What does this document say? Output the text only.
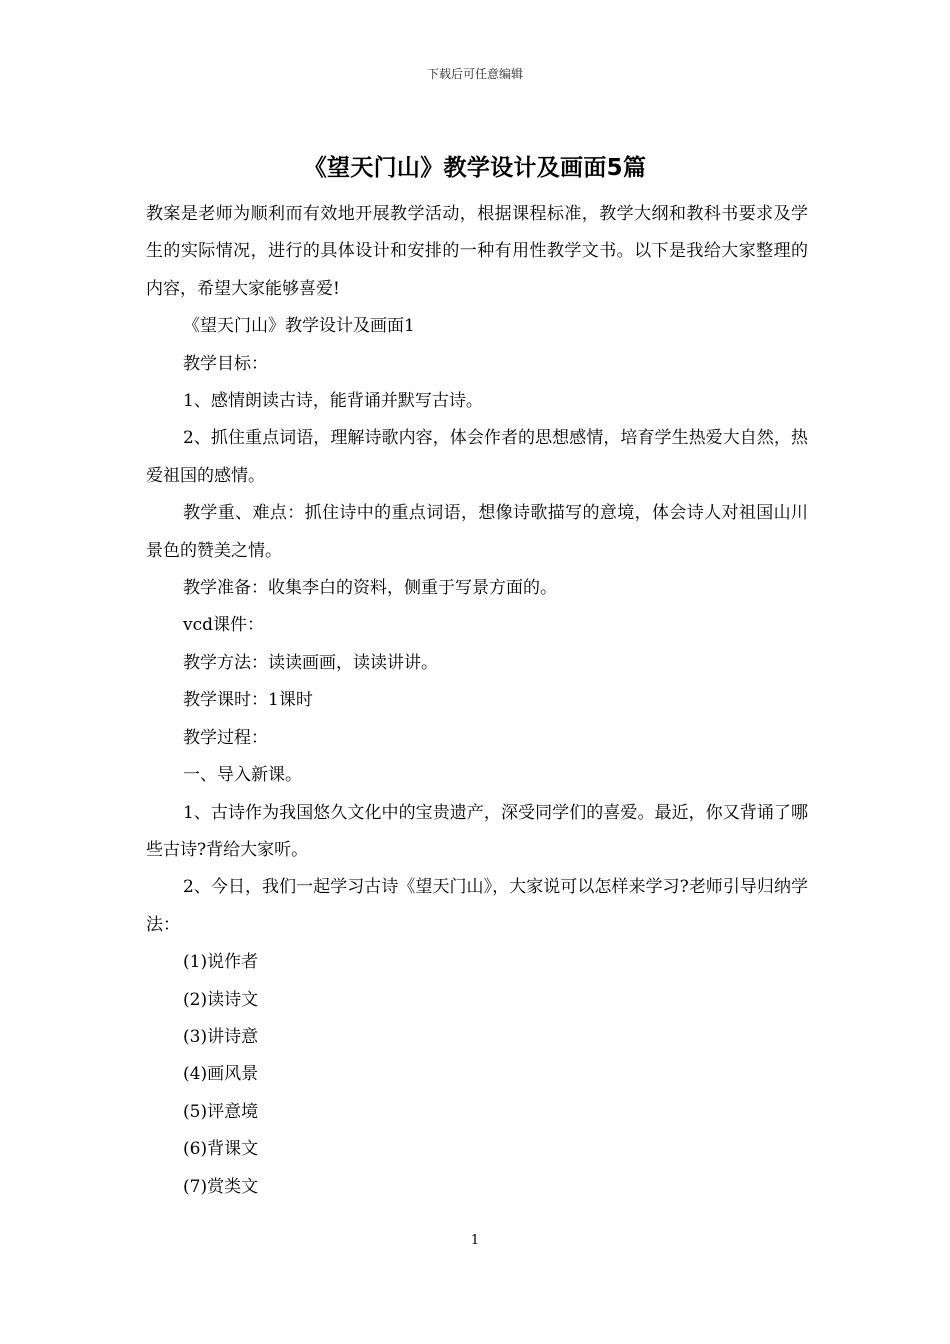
下载后可任意编辑
《望天门山》教学设计及画面5篇

教案是老师为顺利而有效地开展教学活动，根据课程标准，教学大纲和教科书要求及学生的实际情况，进行的具体设计和安排的一种有用性教学文书。以下是我给大家整理的内容，希望大家能够喜爱!

《望天门山》教学设计及画面1

教学目标：

1、感情朗读古诗，能背诵并默写古诗。

2、抓住重点词语，理解诗歌内容，体会作者的思想感情，培育学生热爱大自然，热爱祖国的感情。

教学重、难点：抓住诗中的重点词语，想像诗歌描写的意境，体会诗人对祖国山川景色的赞美之情。

教学准备：收集李白的资料，侧重于写景方面的。

vcd课件：

教学方法：读读画画，读读讲讲。

教学课时：1课时

教学过程：

一、导入新课。

1、古诗作为我国悠久文化中的宝贵遗产，深受同学们的喜爱。最近，你又背诵了哪些古诗?背给大家听。

2、今日，我们一起学习古诗《望天门山》，大家说可以怎样来学习?老师引导归纳学法：

(1)说作者

(2)读诗文

(3)讲诗意

(4)画风景

(5)评意境

(6)背课文

(7)赏类文

1
